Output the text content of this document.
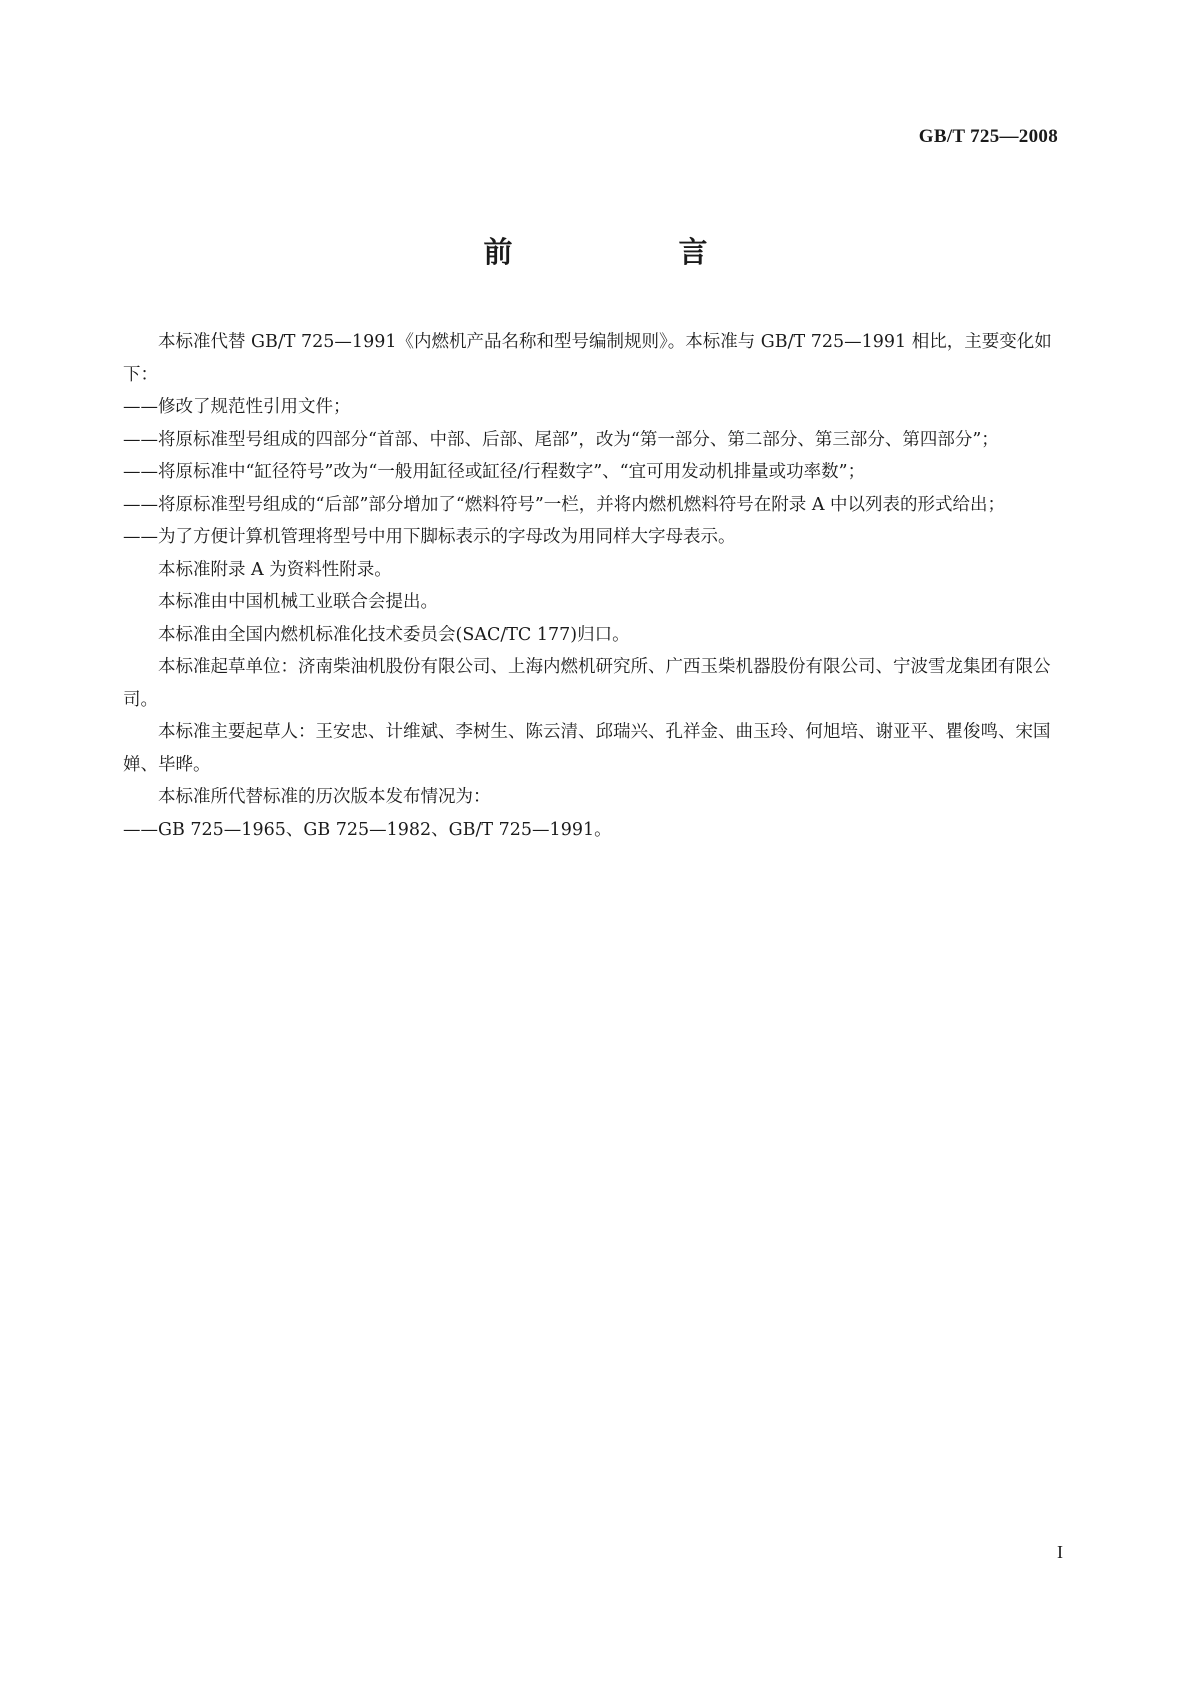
GB/T 725—2008
前　　言

本标准代替 GB/T 725—1991《内燃机产品名称和型号编制规则》。本标准与 GB/T 725—1991 相比，主要变化如下：

——修改了规范性引用文件；

——将原标准型号组成的四部分“首部、中部、后部、尾部”，改为“第一部分、第二部分、第三部分、第四部分”；

——将原标准中“缸径符号”改为“一般用缸径或缸径/行程数字”、“宜可用发动机排量或功率数”；

——将原标准型号组成的“后部”部分增加了“燃料符号”一栏，并将内燃机燃料符号在附录 A 中以列表的形式给出；

——为了方便计算机管理将型号中用下脚标表示的字母改为用同样大字母表示。

本标准附录 A 为资料性附录。

本标准由中国机械工业联合会提出。

本标准由全国内燃机标准化技术委员会(SAC/TC 177)归口。

本标准起草单位：济南柴油机股份有限公司、上海内燃机研究所、广西玉柴机器股份有限公司、宁波雪龙集团有限公司。

本标准主要起草人：王安忠、计维斌、李树生、陈云清、邱瑞兴、孔祥金、曲玉玲、何旭培、谢亚平、瞿俊鸣、宋国婵、毕晔。

本标准所代替标准的历次版本发布情况为：

——GB 725—1965、GB 725—1982、GB/T 725—1991。

I
